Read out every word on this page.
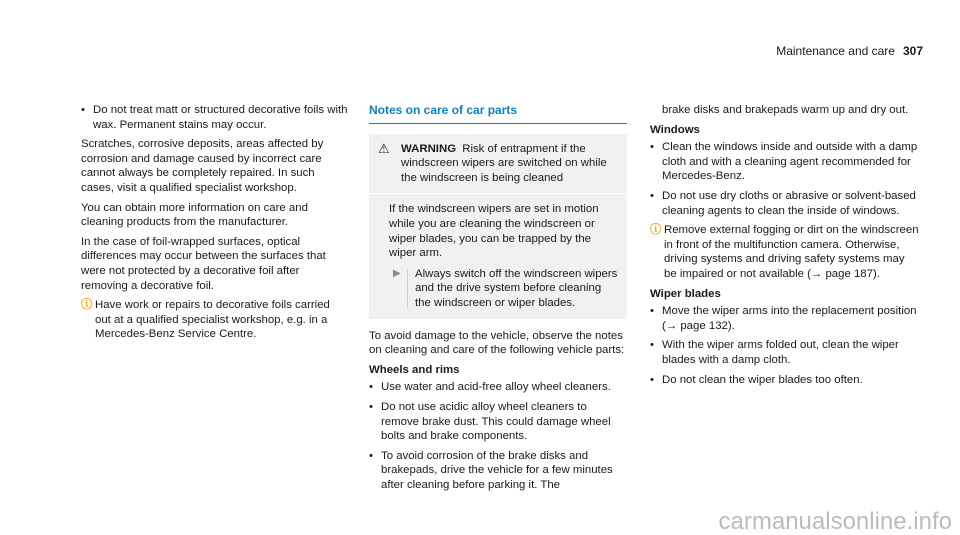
Maintenance and care 307
• Do not treat matt or structured decorative foils with wax. Permanent stains may occur.

Scratches, corrosive deposits, areas affected by corrosion and damage caused by incorrect care cannot always be completely repaired. In such cases, visit a qualified specialist workshop.

You can obtain more information on care and cleaning products from the manufacturer.

In the case of foil-wrapped surfaces, optical differences may occur between the surfaces that were not protected by a decorative foil after removing a decorative foil.

ⓘ Have work or repairs to decorative foils carried out at a qualified specialist workshop, e.g. in a Mercedes-Benz Service Centre.
Notes on care of car parts
⚠ WARNING Risk of entrapment if the windscreen wipers are switched on while the windscreen is being cleaned
If the windscreen wipers are set in motion while you are cleaning the windscreen or wiper blades, you can be trapped by the wiper arm.
▶ Always switch off the windscreen wipers and the drive system before cleaning the windscreen or wiper blades.

To avoid damage to the vehicle, observe the notes on cleaning and care of the following vehicle parts:

Wheels and rims
• Use water and acid-free alloy wheel cleaners.
• Do not use acidic alloy wheel cleaners to remove brake dust. This could damage wheel bolts and brake components.
• To avoid corrosion of the brake disks and brakepads, drive the vehicle for a few minutes after cleaning before parking it. The

brake disks and brakepads warm up and dry out.

Windows
• Clean the windows inside and outside with a damp cloth and with a cleaning agent recommended for Mercedes-Benz.
• Do not use dry cloths or abrasive or solvent-based cleaning agents to clean the inside of windows.
ⓘ Remove external fogging or dirt on the windscreen in front of the multifunction camera. Otherwise, driving systems and driving safety systems may be impaired or not available (→ page 187).
Wiper blades
• Move the wiper arms into the replacement position (→ page 132).
• With the wiper arms folded out, clean the wiper blades with a damp cloth.
• Do not clean the wiper blades too often.
carmanualsonline.info
